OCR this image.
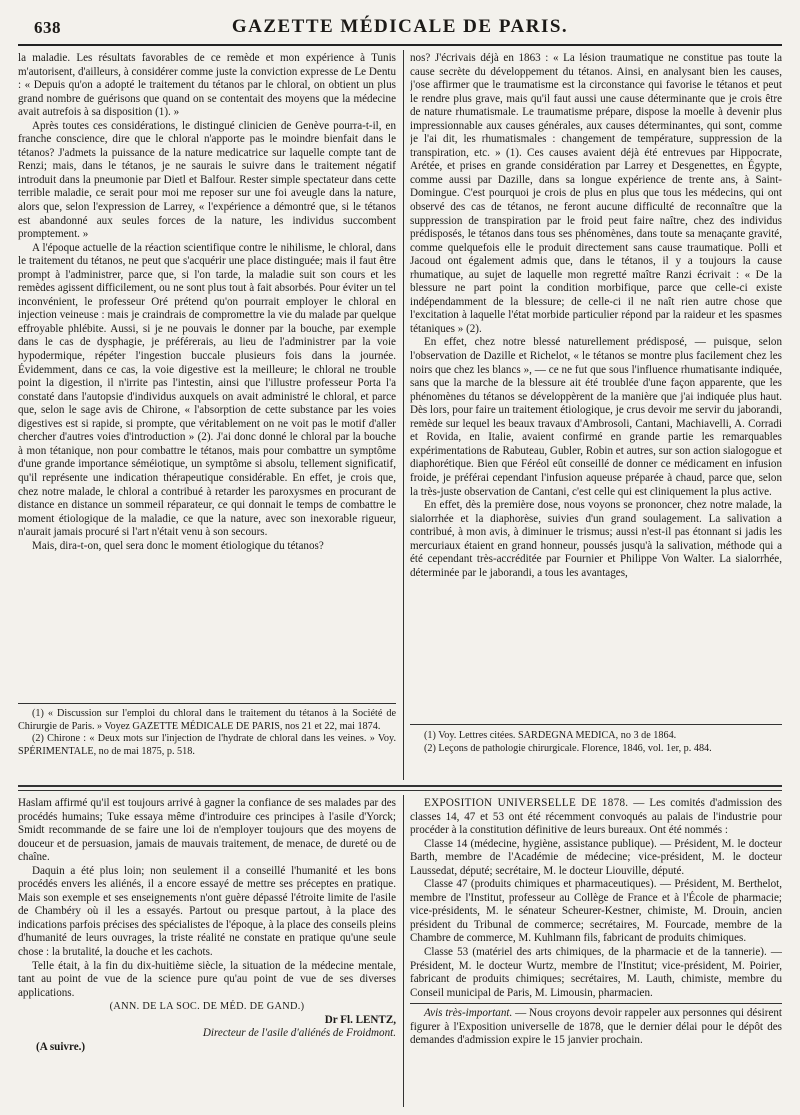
638	GAZETTE MÉDICALE DE PARIS.

la maladie. Les résultats favorables de ce remède et mon expérience à Tunis m'autorisent, d'ailleurs, à considérer comme juste la conviction expresse de Le Dentu : « Depuis qu'on a adopté le traitement du tétanos par le chloral, on obtient un plus grand nombre de guérisons que quand on se contentait des moyens que la médecine avait autrefois à sa disposition (1). »

Après toutes ces considérations, le distingué clinicien de Genève pourra-t-il, en franche conscience, dire que le chloral n'apporte pas le moindre bienfait dans le tétanos? J'admets la puissance de la nature medicatrice sur laquelle compte tant de Renzi; mais, dans le tétanos, je ne saurais le suivre dans le traitement négatif introduit dans la pneumonie par Dietl et Balfour. Rester simple spectateur dans cette terrible maladie, ce serait pour moi me reposer sur une foi aveugle dans la nature, alors que, selon l'expression de Larrey, « l'expérience a démontré que, si le tétanos est abandonné aux seules forces de la nature, les individus succombent promptement. »

A l'époque actuelle de la réaction scientifique contre le nihilisme, le chloral, dans le traitement du tétanos, ne peut que s'acquérir une place distinguée; mais il faut être prompt à l'administrer, parce que, si l'on tarde, la maladie suit son cours et les remèdes agissent difficilement, ou ne sont plus tout à fait absorbés. Pour éviter un tel inconvénient, le professeur Oré prétend qu'on pourrait employer le chloral en injection veineuse : mais je craindrais de compromettre la vie du malade par quelque effroyable phlébite. Aussi, si je ne pouvais le donner par la bouche, par exemple dans le cas de dysphagie, je préférerais, au lieu de l'administrer par la voie hypodermique, répéter l'ingestion buccale plusieurs fois dans la journée. Évidemment, dans ce cas, la voie digestive est la meilleure; le chloral ne trouble point la digestion, il n'irrite pas l'intestin, ainsi que l'illustre professeur Porta l'a constaté dans l'autopsie d'individus auxquels on avait administré le chloral, et parce que, selon le sage avis de Chirone, « l'absorption de cette substance par les voies digestives est si rapide, si prompte, que véritablement on ne voit pas le motif d'aller chercher d'autres voies d'introduction » (2). J'ai donc donné le chloral par la bouche à mon tétanique, non pour combattre le tétanos, mais pour combattre un symptôme d'une grande importance séméiotique, un symptôme si absolu, tellement significatif, qu'il représente une indication thérapeutique considérable. En effet, je crois que, chez notre malade, le chloral a contribué à retarder les paroxysmes en procurant de distance en distance un sommeil réparateur, ce qui donnait le temps de combattre le moment étiologique de la maladie, ce que la nature, avec son inexorable rigueur, n'aurait jamais procuré si l'art n'était venu à son secours.

Mais, dira-t-on, quel sera donc le moment étiologique du tétanos?

(1) « Discussion sur l'emploi du chloral dans le traitement du tétanos à la Société de Chirurgie de Paris. » Voyez GAZETTE MÉDICALE DE PARIS, nos 21 et 22, mai 1874.

(2) Chirone : « Deux mots sur l'injection de l'hydrate de chloral dans les veines. » Voy. SPÉRIMENTALE, no de mai 1875, p. 518.

nos? J'écrivais déjà en 1863 : « La lésion traumatique ne constitue pas toute la cause secrète du développement du tétanos. Ainsi, en analysant bien les causes, j'ose affirmer que le traumatisme est la circonstance qui favorise le tétanos et peut le rendre plus grave, mais qu'il faut aussi une cause déterminante que je crois être de nature rhumatismale. Le traumatisme prépare, dispose la moelle à devenir plus impressionnable aux causes générales, aux causes déterminantes, qui sont, comme je l'ai dit, les rhumatismales : changement de température, suppression de la transpiration, etc. » (1). Ces causes avaient déjà été entrevues par Hippocrate, Arétée, et prises en grande considération par Larrey et Desgenettes, en Égypte, comme aussi par Dazille, dans sa longue expérience de trente ans, à Saint-Domingue. C'est pourquoi je crois de plus en plus que tous les médecins, qui ont observé des cas de tétanos, ne feront aucune difficulté de reconnaître que la suppression de transpiration par le froid peut faire naître, chez des individus prédisposés, le tétanos dans tous ses phénomènes, dans toute sa menaçante gravité, comme quelquefois elle le produit directement sans cause traumatique. Polli et Jacoud ont également admis que, dans le tétanos, il y a toujours la cause rhumatique, au sujet de laquelle mon regretté maître Ranzi écrivait : « De la blessure ne part point la condition morbifique, parce que celle-ci existe indépendamment de la blessure; de celle-ci il ne naît rien autre chose que l'excitation à laquelle l'état morbide particulier répond par la raideur et les spasmes tétaniques » (2).

En effet, chez notre blessé naturellement prédisposé, — puisque, selon l'observation de Dazille et Richelot, « le tétanos se montre plus facilement chez les noirs que chez les blancs », — ce ne fut que sous l'influence rhumatisante indiquée, sans que la marche de la blessure ait été troublée d'une façon apparente, que les phénomènes du tétanos se développèrent de la manière que j'ai indiquée plus haut. Dès lors, pour faire un traitement étiologique, je crus devoir me servir du jaborandi, remède sur lequel les beaux travaux d'Ambrosoli, Cantani, Machiavelli, A. Corradi et Rovida, en Italie, avaient confirmé en grande partie les remarquables expérimentations de Rabuteau, Gubler, Robin et autres, sur son action sialogogue et diaphorétique. Bien que Féréol eût conseillé de donner ce médicament en infusion froide, je préférai cependant l'infusion aqueuse préparée à chaud, parce que, selon la très-juste observation de Cantani, c'est celle qui est cliniquement la plus active.

En effet, dès la première dose, nous voyons se prononcer, chez notre malade, la sialorrhée et la diaphorèse, suivies d'un grand soulagement. La salivation a contribué, à mon avis, à diminuer le trismus; aussi n'est-il pas étonnant si jadis les mercuriaux étaient en grand honneur, poussés jusqu'à la salivation, méthode qui a été cependant très-accréditée par Fournier et Philippe Von Walter. La sialorrhée, déterminée par le jaborandi, a tous les avantages,

(1) Voy. Lettres citées. SARDEGNA MEDICA, no 3 de 1864.

(2) Leçons de pathologie chirurgicale. Florence, 1846, vol. 1er, p. 484.

Haslam affirmé qu'il est toujours arrivé à gagner la confiance de ses malades par des procédés humains; Tuke essaya même d'introduire ces principes à l'asile d'Yorck; Smidt recommande de se faire une loi de n'employer toujours que des moyens de douceur et de persuasion, jamais de mauvais traitement, de menace, de dureté ou de chaîne.

Daquin a été plus loin; non seulement il a conseillé l'humanité et les bons procédés envers les aliénés, il a encore essayé de mettre ses préceptes en pratique. Mais son exemple et ses enseignements n'ont guère dépassé l'étroite limite de l'asile de Chambéry où il les a essayés. Partout ou presque partout, à la place des indications parfois précises des spécialistes de l'époque, à la place des conseils pleins d'humanité de leurs ouvrages, la triste réalité ne constate en pratique qu'une seule chose : la brutalité, la douche et les cachots.

Telle était, à la fin du dix-huitième siècle, la situation de la médecine mentale, tant au point de vue de la science pure qu'au point de vue de ses diverses applications.

(ANN. DE LA SOC. DE MÉD. DE GAND.)

Dr Fl. LENTZ,

Directeur de l'asile d'aliénés de Froidmont.

(A suivre.)

EXPOSITION UNIVERSELLE DE 1878. — Les comités d'admission des classes 14, 47 et 53 ont été récemment convoqués au palais de l'industrie pour procéder à la constitution définitive de leurs bureaux. Ont été nommés :

Classe 14 (médecine, hygiène, assistance publique). — Président, M. le docteur Barth, membre de l'Académie de médecine; vice-président, M. le docteur Laussedat, député; secrétaire, M. le docteur Liouville, député.

Classe 47 (produits chimiques et pharmaceutiques). — Président, M. Berthelot, membre de l'Institut, professeur au Collège de France et à l'École de pharmacie; vice-présidents, M. le sénateur Scheurer-Kestner, chimiste, M. Drouin, ancien président du Tribunal de commerce; secrétaires, M. Fourcade, membre de la Chambre de commerce, M. Kuhlmann fils, fabricant de produits chimiques.

Classe 53 (matériel des arts chimiques, de la pharmacie et de la tannerie). — Président, M. le docteur Wurtz, membre de l'Institut; vice-président, M. Poirier, fabricant de produits chimiques; secrétaires, M. Lauth, chimiste, membre du Conseil municipal de Paris, M. Limousin, pharmacien.

Avis très-important. — Nous croyons devoir rappeler aux personnes qui désirent figurer à l'Exposition universelle de 1878, que le dernier délai pour le dépôt des demandes d'admission expire le 15 janvier prochain.
